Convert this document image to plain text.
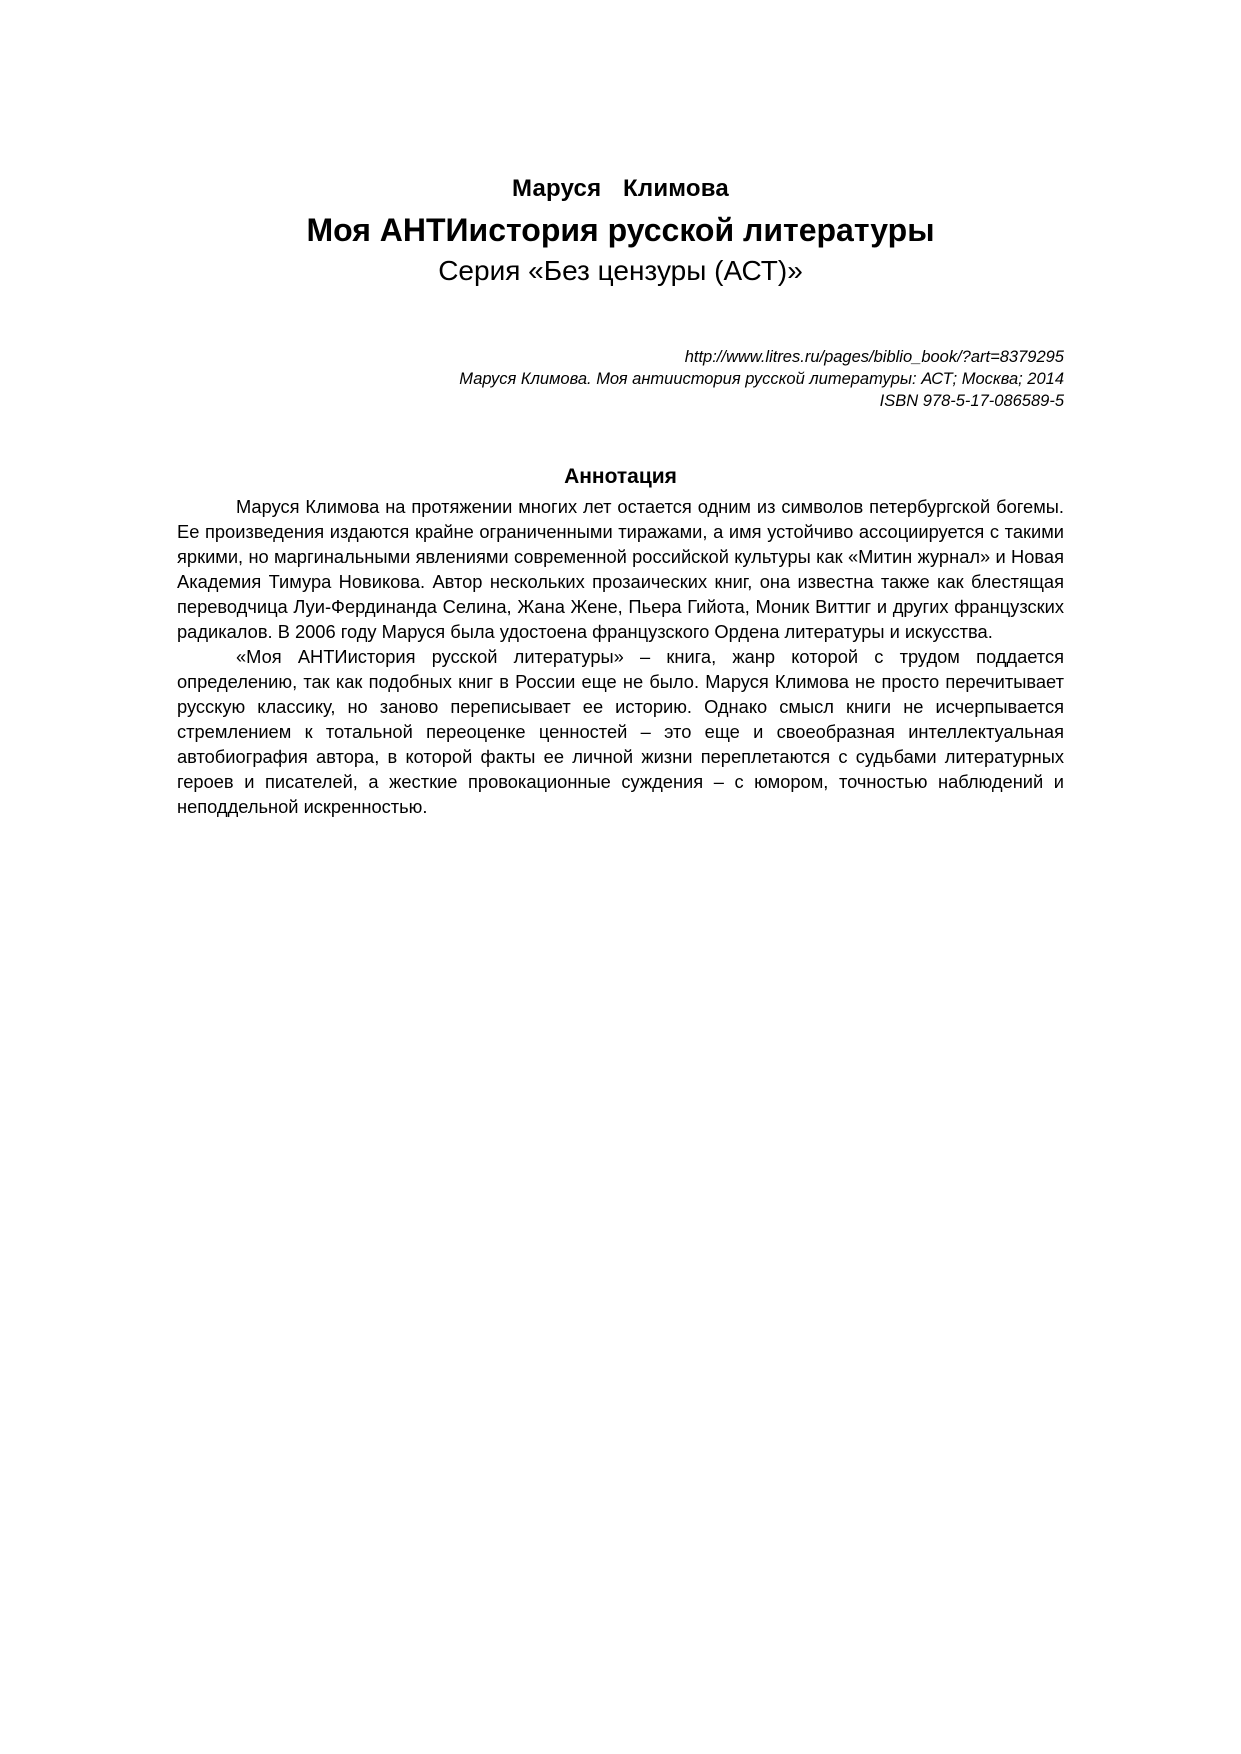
Маруся  Климова
Моя АНТИистория русской литературы
Серия «Без цензуры (АСТ)»
http://www.litres.ru/pages/biblio_book/?art=8379295
Маруся Климова. Моя антиистория русской литературы: АСТ; Москва; 2014
ISBN 978-5-17-086589-5
Аннотация

Маруся Климова на протяжении многих лет остается одним из символов петербургской богемы. Ее произведения издаются крайне ограниченными тиражами, а имя устойчиво ассоциируется с такими яркими, но маргинальными явлениями современной российской культуры как «Митин журнал» и Новая Академия Тимура Новикова. Автор нескольких прозаических книг, она известна также как блестящая переводчица Луи-Фердинанда Селина, Жана Жене, Пьера Гийота, Моник Виттиг и других французских радикалов. В 2006 году Маруся была удостоена французского Ордена литературы и искусства.

«Моя АНТИистория русской литературы» – книга, жанр которой с трудом поддается определению, так как подобных книг в России еще не было. Маруся Климова не просто перечитывает русскую классику, но заново переписывает ее историю. Однако смысл книги не исчерпывается стремлением к тотальной переоценке ценностей – это еще и своеобразная интеллектуальная автобиография автора, в которой факты ее личной жизни переплетаются с судьбами литературных героев и писателей, а жесткие провокационные суждения – с юмором, точностью наблюдений и неподдельной искренностью.
